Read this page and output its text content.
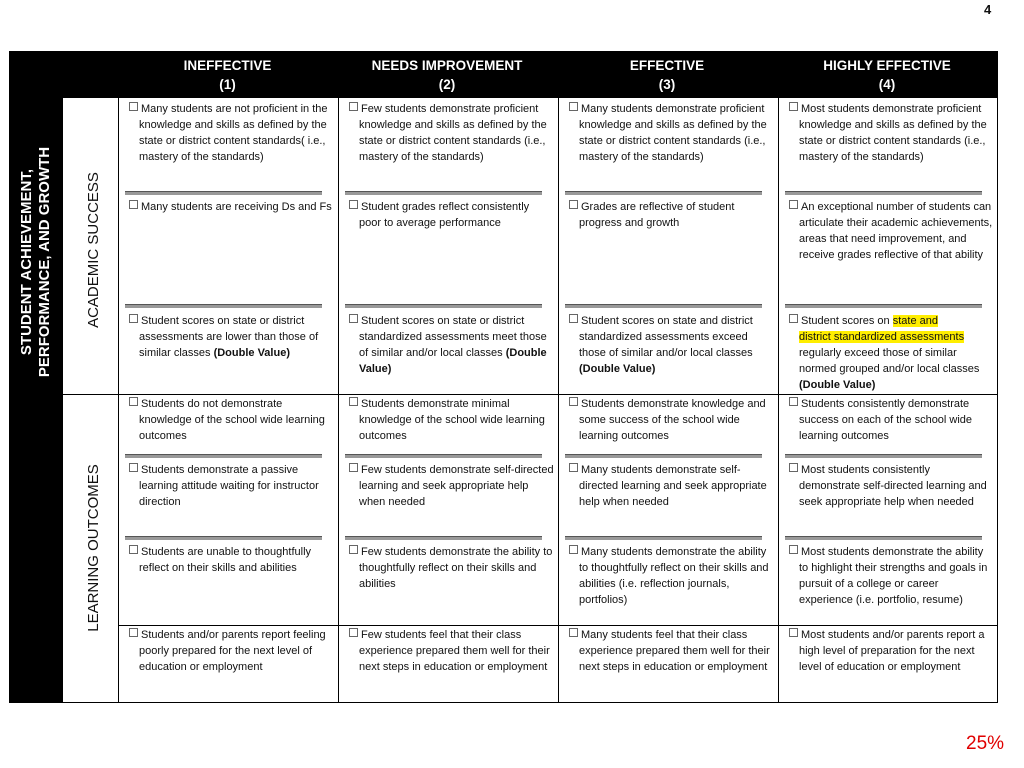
4
STUDENT ACHIEVEMENT, PERFORMANCE, AND GROWTH
INEFFECTIVE
(1)
NEEDS IMPROVEMENT
(2)
EFFECTIVE
(3)
HIGHLY EFFECTIVE
(4)
ACADEMIC SUCCESS
LEARNING OUTCOMES
Many students are not proficient in the knowledge and skills as defined by the state or district content standards( i.e., mastery of the standards)
Many students are receiving Ds and Fs
Student scores on state or district assessments are lower than those of similar classes (Double Value)
Few students demonstrate proficient knowledge and skills as defined by the state or district content standards (i.e., mastery of the standards)
Student grades reflect consistently poor to average performance
Student scores on state or district standardized assessments meet those of similar and/or local classes (Double Value)
Many students demonstrate proficient knowledge and skills as defined by the state or district content standards (i.e., mastery of the standards)
Grades are reflective of student progress and growth
Student scores on state and district standardized assessments exceed those of similar and/or local classes (Double Value)
Most students demonstrate proficient knowledge and skills as defined by the state or district content standards (i.e., mastery of the standards)
An exceptional number of students can articulate their academic achievements, areas that need improvement, and receive grades reflective of that ability
Student scores on state and
district standardized assessments regularly exceed those of similar normed grouped and/or local classes (Double Value)
Students do not demonstrate knowledge of the school wide learning outcomes
Students demonstrate a passive learning attitude waiting for instructor direction
Students are unable to thoughtfully reflect on their skills and abilities
Students demonstrate minimal knowledge of the school wide learning outcomes
Few students demonstrate self-directed learning and seek appropriate help when needed
Few students demonstrate the ability to thoughtfully reflect on their skills and abilities
Students demonstrate knowledge and some success of the school wide learning outcomes
Many students demonstrate self-directed learning and seek appropriate help when needed
Many students demonstrate the ability to thoughtfully reflect on their skills and abilities (i.e. reflection journals, portfolios)
Students consistently demonstrate success on each of the school wide learning outcomes
Most students consistently demonstrate self-directed learning and seek appropriate help when needed
Most students demonstrate the ability to highlight their strengths and goals in pursuit of a college or career experience (i.e. portfolio, resume)
Students and/or parents report feeling poorly prepared for the next level of education or employment
Few students feel that their class experience prepared them well for their next steps in education or employment
Many students feel that their class experience prepared them well for their next steps in education or employment
Most students and/or parents report a high level of preparation for the next level of education or employment
25%
